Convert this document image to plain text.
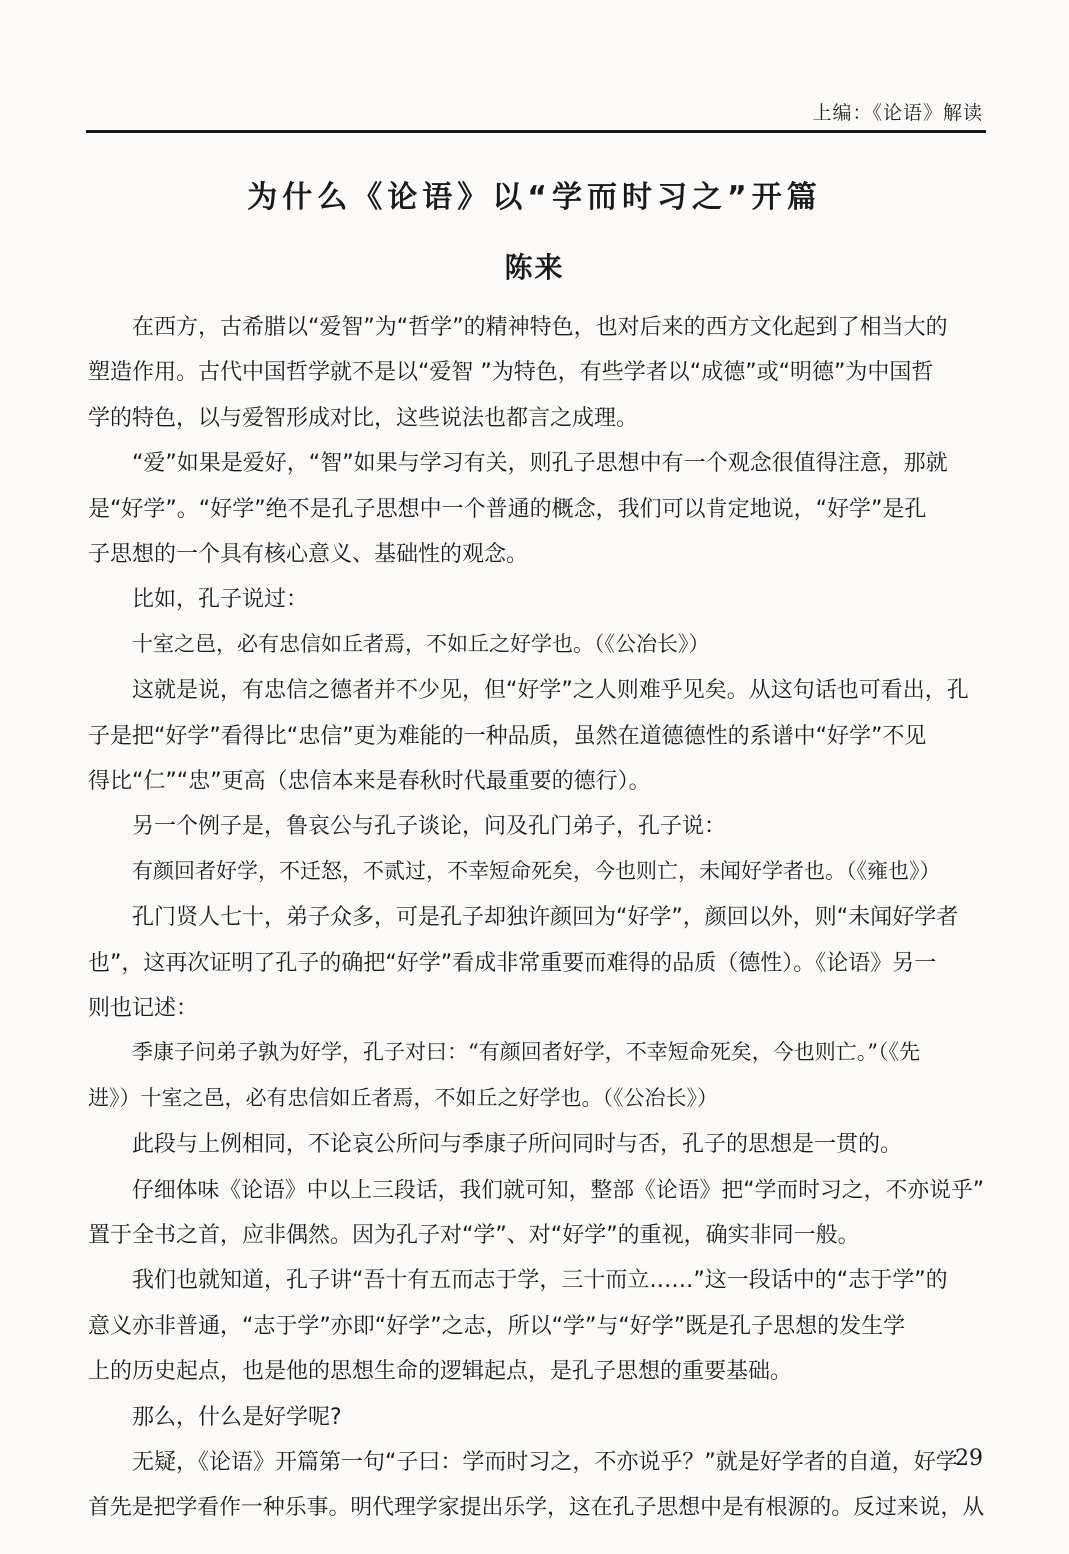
上编：《论语》解读
为什么《论语》以“学而时习之”开篇
陈来
在西方，古希腊以“爱智”为“哲学”的精神特色，也对后来的西方文化起到了相当大的
塑造作用。古代中国哲学就不是以“爱智 ”为特色，有些学者以“成德”或“明德”为中国哲
学的特色，以与爱智形成对比，这些说法也都言之成理。
“爱”如果是爱好，“智”如果与学习有关，则孔子思想中有一个观念很值得注意，那就
是“好学”。“好学”绝不是孔子思想中一个普通的概念，我们可以肯定地说，“好学”是孔
子思想的一个具有核心意义、基础性的观念。
比如，孔子说过：
十室之邑，必有忠信如丘者焉，不如丘之好学也。（《公冶长》）
这就是说，有忠信之德者并不少见，但“好学”之人则难乎见矣。从这句话也可看出，孔
子是把“好学”看得比“忠信”更为难能的一种品质，虽然在道德德性的系谱中“好学”不见
得比“仁”“忠”更高（忠信本来是春秋时代最重要的德行）。
另一个例子是，鲁哀公与孔子谈论，问及孔门弟子，孔子说：
有颜回者好学，不迁怒，不贰过，不幸短命死矣，今也则亡，未闻好学者也。（《雍也》）
孔门贤人七十，弟子众多，可是孔子却独许颜回为“好学”，颜回以外，则“未闻好学者
也”，这再次证明了孔子的确把“好学”看成非常重要而难得的品质（德性）。《论语》另一
则也记述：
季康子问弟子孰为好学，孔子对曰：“有颜回者好学，不幸短命死矣，今也则亡。”（《先
进》）十室之邑，必有忠信如丘者焉，不如丘之好学也。（《公冶长》）
此段与上例相同，不论哀公所问与季康子所问同时与否，孔子的思想是一贯的。
仔细体味《论语》中以上三段话，我们就可知，整部《论语》把“学而时习之，不亦说乎”
置于全书之首，应非偶然。因为孔子对“学”、对“好学”的重视，确实非同一般。
我们也就知道，孔子讲“吾十有五而志于学，三十而立……”这一段话中的“志于学”的
意义亦非普通，“志于学”亦即“好学”之志，所以“学”与“好学”既是孔子思想的发生学
上的历史起点，也是他的思想生命的逻辑起点，是孔子思想的重要基础。
那么，什么是好学呢?
无疑，《论语》开篇第一句“子曰：学而时习之，不亦说乎？”就是好学者的自道，好学
首先是把学看作一种乐事。明代理学家提出乐学，这在孔子思想中是有根源的。反过来说，从
29
